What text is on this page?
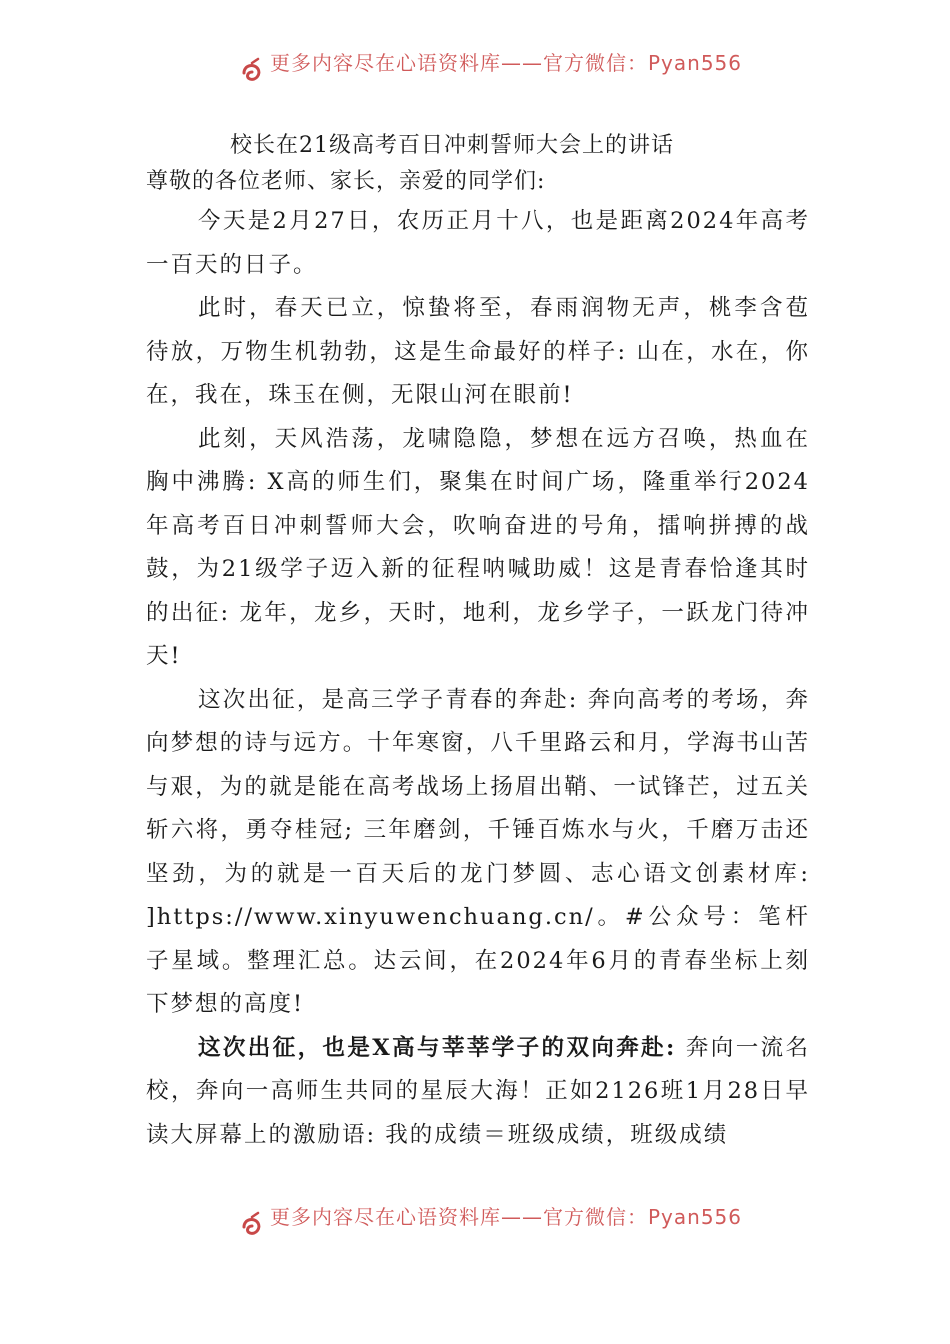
更多内容尽在心语资料库——官方微信：Pyan556

校长在21级高考百日冲刺誓师大会上的讲话

尊敬的各位老师、家长，亲爱的同学们:

今天是2月27日，农历正月十八，也是距离2024年高考一百天的日子。

此时，春天已立，惊蛰将至，春雨润物无声，桃李含苞待放，万物生机勃勃，这是生命最好的样子: 山在，水在，你在，我在，珠玉在侧，无限山河在眼前!

此刻，天风浩荡，龙啸隐隐，梦想在远方召唤，热血在胸中沸腾: X高的师生们，聚集在时间广场，隆重举行2024年高考百日冲刺誓师大会，吹响奋进的号角，擂响拼搏的战鼓，为21级学子迈入新的征程呐喊助威！这是青春恰逢其时的出征: 龙年，龙乡，天时，地利，龙乡学子，一跃龙门待冲天!

这次出征，是高三学子青春的奔赴: 奔向高考的考场，奔向梦想的诗与远方。十年寒窗，八千里路云和月，学海书山苦与艰，为的就是能在高考战场上扬眉出鞘、一试锋芒，过五关斩六将，勇夺桂冠; 三年磨剑，千锤百炼水与火，千磨万击还坚劲，为的就是一百天后的龙门梦圆、志心语文创素材库: ]https://www.xinyuwenchuang.cn/。#公众号：笔杆子星域。整理汇总。达云间，在2024年6月的青春坐标上刻下梦想的高度!

这次出征，也是X高与莘莘学子的双向奔赴: 奔向一流名校，奔向一高师生共同的星辰大海！正如2126班1月28日早读大屏幕上的激励语: 我的成绩＝班级成绩，班级成绩

更多内容尽在心语资料库——官方微信：Pyan556
